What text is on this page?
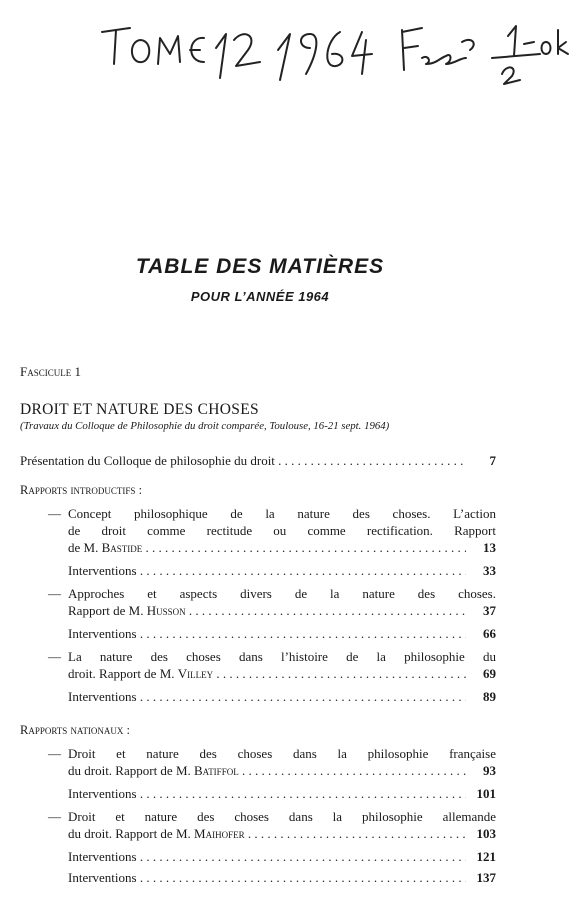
TABLE DES MATIÈRES
POUR L’ANNÉE 1964
Fascicule 1
DROIT ET NATURE DES CHOSES
(Travaux du Colloque de Philosophie du droit comparée, Toulouse, 16-21 sept. 1964)
Présentation du Colloque de philosophie du droit . . .	7
Rapports introductifs :
— Concept philosophique de la nature des choses. L’action
de droit comme rectitude ou comme rectification. Rapport
de M. Bastide . . .	13
Interventions . . .	33
— Approches et aspects divers de la nature des choses.
Rapport de M. Husson . . .	37
Interventions . . .	66
— La nature des choses dans l’histoire de la philosophie du
droit. Rapport de M. Villey . . .	69
Interventions . . .	89
Rapports nationaux :
— Droit et nature des choses dans la philosophie française
du droit. Rapport de M. Batiffol . . .	93
Interventions . . .	101
— Droit et nature des choses dans la philosophie allemande
du droit. Rapport de M. Maihofer . . .	103
Interventions . . .	121
Interventions . . .	137
